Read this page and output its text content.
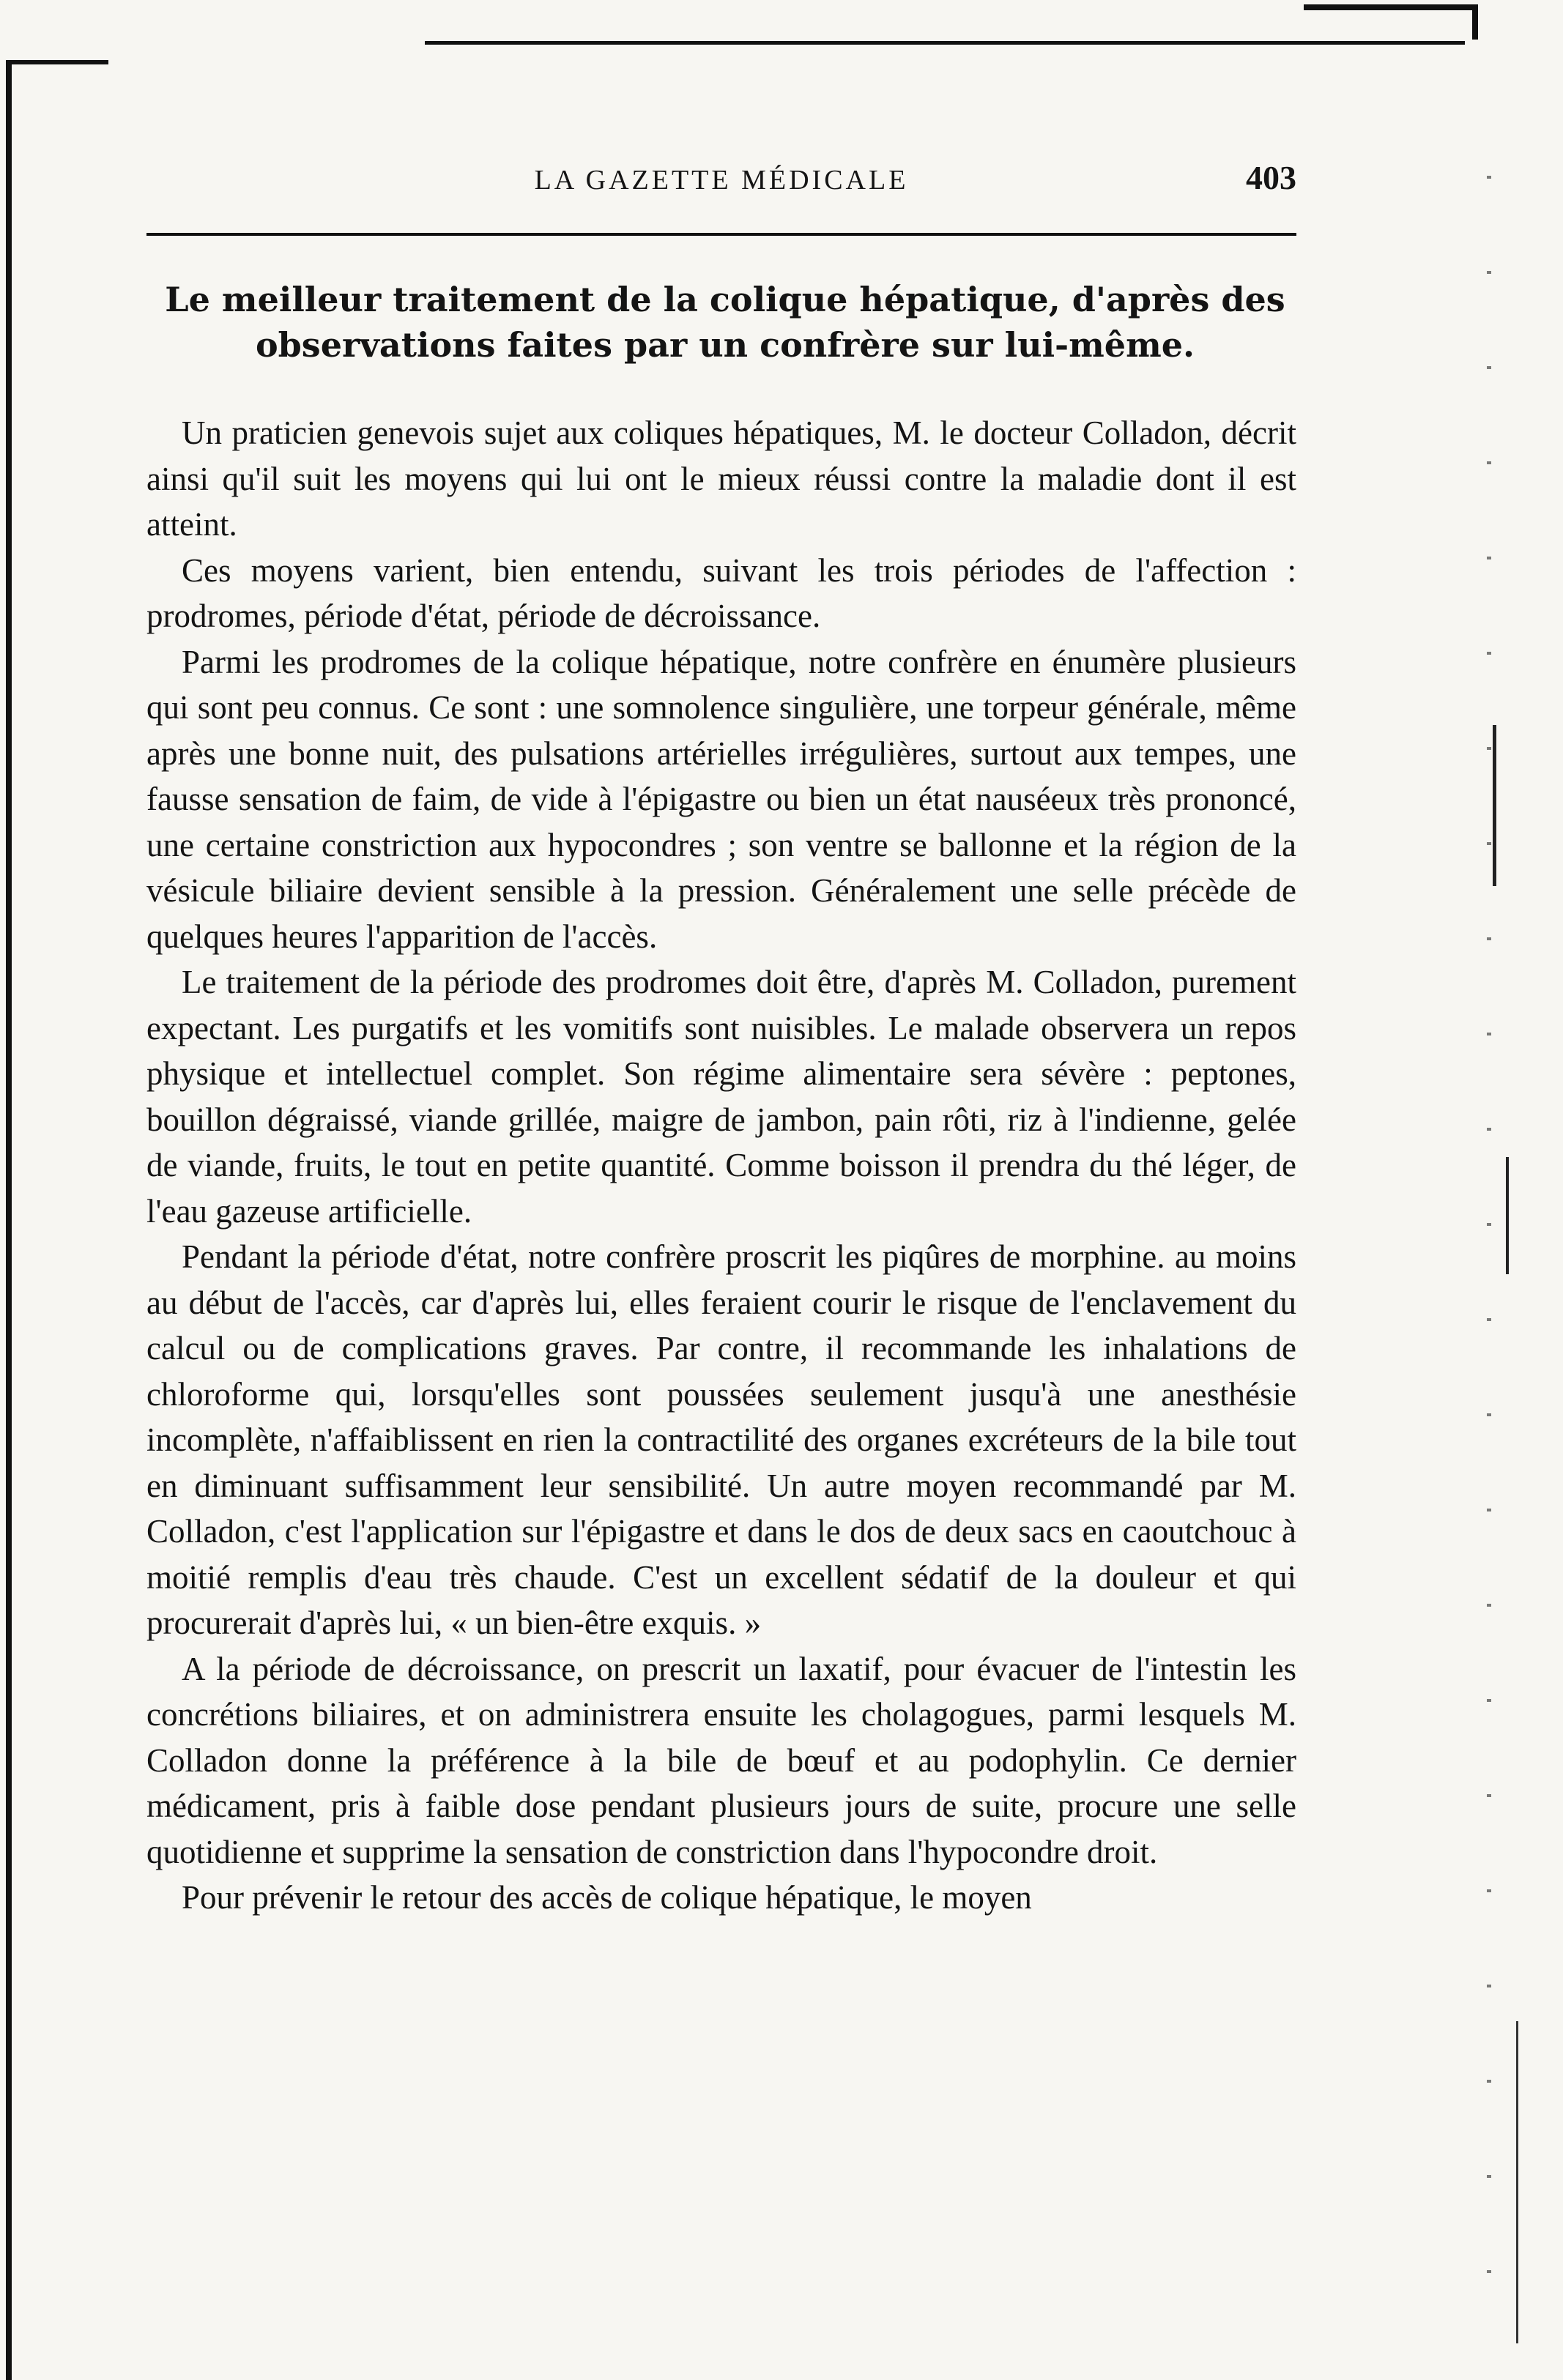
LA GAZETTE MÉDICALE	403
Le meilleur traitement de la colique hépatique, d'après des observations faites par un confrère sur lui-même.

Un praticien genevois sujet aux coliques hépatiques, M. le docteur Colladon, décrit ainsi qu'il suit les moyens qui lui ont le mieux réussi contre la maladie dont il est atteint.

Ces moyens varient, bien entendu, suivant les trois périodes de l'affection : prodromes, période d'état, période de décroissance.

Parmi les prodromes de la colique hépatique, notre confrère en énumère plusieurs qui sont peu connus. Ce sont : une somnolence singulière, une torpeur générale, même après une bonne nuit, des pulsations artérielles irrégulières, surtout aux tempes, une fausse sensation de faim, de vide à l'épigastre ou bien un état nauséeux très prononcé, une certaine constriction aux hypocondres ; son ventre se ballonne et la région de la vésicule biliaire devient sensible à la pression. Généralement une selle précède de quelques heures l'apparition de l'accès.

Le traitement de la période des prodromes doit être, d'après M. Colladon, purement expectant. Les purgatifs et les vomitifs sont nuisibles. Le malade observera un repos physique et intellectuel complet. Son régime alimentaire sera sévère : peptones, bouillon dégraissé, viande grillée, maigre de jambon, pain rôti, riz à l'indienne, gelée de viande, fruits, le tout en petite quantité. Comme boisson il prendra du thé léger, de l'eau gazeuse artificielle.

Pendant la période d'état, notre confrère proscrit les piqûres de morphine. au moins au début de l'accès, car d'après lui, elles feraient courir le risque de l'enclavement du calcul ou de complications graves. Par contre, il recommande les inhalations de chloroforme qui, lorsqu'elles sont poussées seulement jusqu'à une anesthésie incomplète, n'affaiblissent en rien la contractilité des organes excréteurs de la bile tout en diminuant suffisamment leur sensibilité. Un autre moyen recommandé par M. Colladon, c'est l'application sur l'épigastre et dans le dos de deux sacs en caoutchouc à moitié remplis d'eau très chaude. C'est un excellent sédatif de la douleur et qui procurerait d'après lui, « un bien-être exquis. »

A la période de décroissance, on prescrit un laxatif, pour évacuer de l'intestin les concrétions biliaires, et on administrera ensuite les cholagogues, parmi lesquels M. Colladon donne la préférence à la bile de bœuf et au podophylin. Ce dernier médicament, pris à faible dose pendant plusieurs jours de suite, procure une selle quotidienne et supprime la sensation de constriction dans l'hypocondre droit.

Pour prévenir le retour des accès de colique hépatique, le moyen
